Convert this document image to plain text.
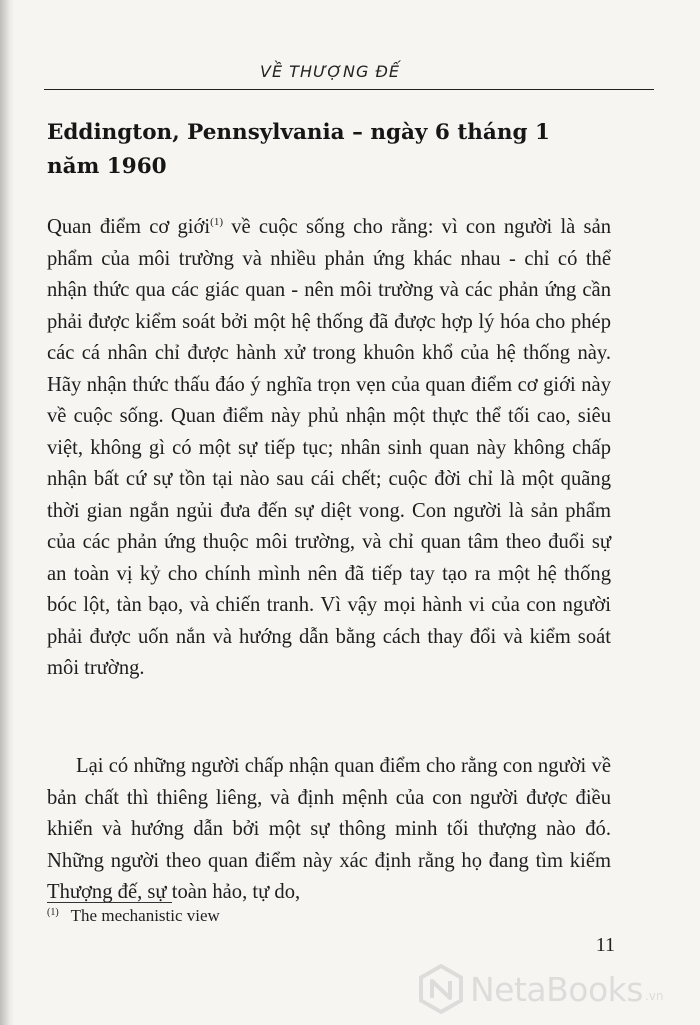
VỀ THƯỢNG ĐẾ
Eddington, Pennsylvania – ngày 6 tháng 1
năm 1960

Quan điểm cơ giới$^{(1)}$ về cuộc sống cho rằng: vì con người là sản phẩm của môi trường và nhiều phản ứng khác nhau - chỉ có thể nhận thức qua các giác quan - nên môi trường và các phản ứng cần phải được kiểm soát bởi một hệ thống đã được hợp lý hóa cho phép các cá nhân chỉ được hành xử trong khuôn khổ của hệ thống này. Hãy nhận thức thấu đáo ý nghĩa trọn vẹn của quan điểm cơ giới này về cuộc sống. Quan điểm này phủ nhận một thực thể tối cao, siêu việt, không gì có một sự tiếp tục; nhân sinh quan này không chấp nhận bất cứ sự tồn tại nào sau cái chết; cuộc đời chỉ là một quãng thời gian ngắn ngủi đưa đến sự diệt vong. Con người là sản phẩm của các phản ứng thuộc môi trường, và chỉ quan tâm theo đuổi sự an toàn vị kỷ cho chính mình nên đã tiếp tay tạo ra một hệ thống bóc lột, tàn bạo, và chiến tranh. Vì vậy mọi hành vi của con người phải được uốn nắn và hướng dẫn bằng cách thay đổi và kiểm soát môi trường.

Lại có những người chấp nhận quan điểm cho rằng con người về bản chất thì thiêng liêng, và định mệnh của con người được điều khiển và hướng dẫn bởi một sự thông minh tối thượng nào đó. Những người theo quan điểm này xác định rằng họ đang tìm kiếm Thượng đế, sự toàn hảo, tự do,

$^{(1)}$ The mechanistic view
11
NetaBooks .vn
